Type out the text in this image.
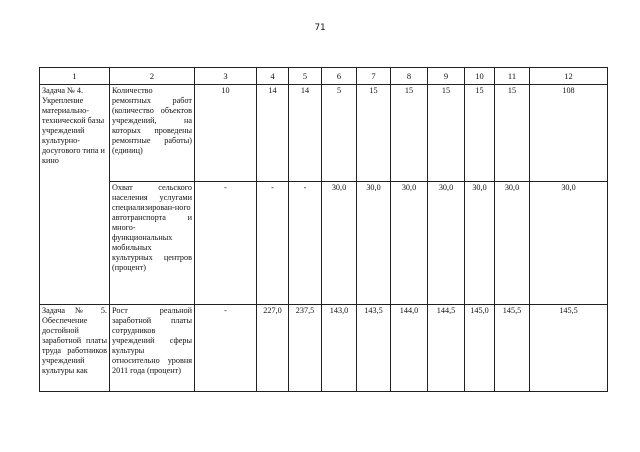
71
1	2	3	4	5	6	7	8	9	10	11	12
Задача № 4. Укрепление материально-технической базы учреждений культурно-досугового типа и кино	Количество ремонтных работ (количество объектов учреждений, на которых проведены ремонтные работы) (единиц)	10	14	14	5	15	15	15	15	15	108
	Охват сельского населения услугами специализирован-ного автотранспорта и много-функциональных мобильных культурных центров (процент)	-	-	-	30,0	30,0	30,0	30,0	30,0	30,0	30,0
Задача № 5. Обеспечение достойной заработной платы труда работников учреждений культуры как	Рост реальной заработной платы сотрудников учреждений сферы культуры относительно уровня 2011 года (процент)	-	227,0	237,5	143,0	143,5	144,0	144,5	145,0	145,5	145,5
